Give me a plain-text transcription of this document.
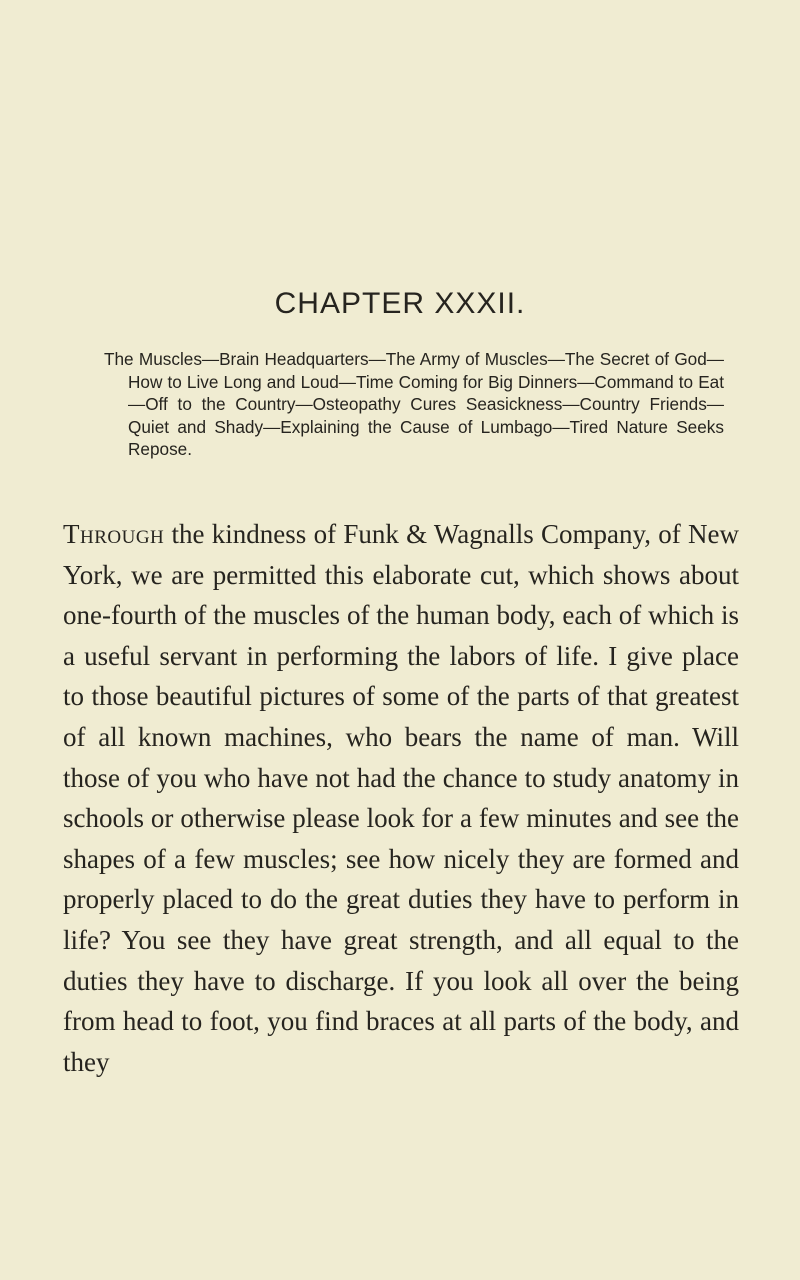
CHAPTER XXXII.

The Muscles—Brain Headquarters—The Army of Muscles—The Secret of God—How to Live Long and Loud—Time Coming for Big Dinners—Command to Eat—Off to the Country—Osteopathy Cures Seasickness—Country Friends—Quiet and Shady—Explaining the Cause of Lumbago—Tired Nature Seeks Repose.

Through the kindness of Funk & Wagnalls Company, of New York, we are permitted this elaborate cut, which shows about one-fourth of the muscles of the human body, each of which is a useful servant in performing the labors of life. I give place to those beautiful pictures of some of the parts of that greatest of all known machines, who bears the name of man. Will those of you who have not had the chance to study anatomy in schools or otherwise please look for a few minutes and see the shapes of a few muscles; see how nicely they are formed and properly placed to do the great duties they have to perform in life? You see they have great strength, and all equal to the duties they have to discharge. If you look all over the being from head to foot, you find braces at all parts of the body, and they
